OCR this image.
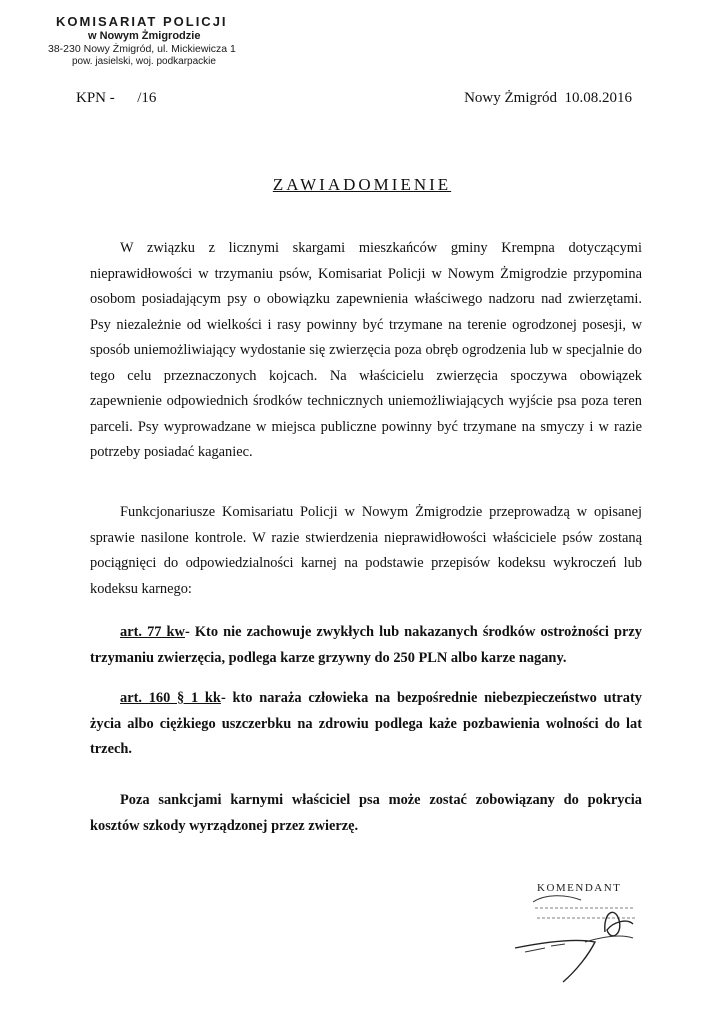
KOMISARIAT POLICJI
w Nowym Żmigrodzie
38-230 Nowy Żmigród, ul. Mickiewicza 1
pow. jasielski, woj. podkarpackie
KPN -      /16	Nowy Żmigród  10.08.2016
ZAWIADOMIENIE
W związku z licznymi skargami mieszkańców gminy Krempna dotyczącymi nieprawidłowości w trzymaniu psów, Komisariat Policji w Nowym Żmigrodzie przypomina osobom posiadającym psy o obowiązku zapewnienia właściwego nadzoru nad zwierzętami. Psy niezależnie od wielkości i rasy powinny być trzymane na terenie ogrodzonej posesji, w sposób uniemożliwiający wydostanie się zwierzęcia poza obręb ogrodzenia lub w specjalnie do tego celu przeznaczonych kojcach. Na właścicielu zwierzęcia spoczywa obowiązek zapewnienie odpowiednich środków technicznych uniemożliwiających wyjście psa poza teren parceli. Psy wyprowadzane w miejsca publiczne powinny być trzymane na smyczy i w razie potrzeby posiadać kaganiec.
Funkcjonariusze Komisariatu Policji w Nowym Żmigrodzie przeprowadzą w opisanej sprawie nasilone kontrole. W razie stwierdzenia nieprawidłowości właściciele psów zostaną pociągnięci do odpowiedzialności karnej na podstawie przepisów kodeksu wykroczeń lub kodeksu karnego:
art. 77 kw- Kto nie zachowuje zwykłych lub nakazanych środków ostrożności przy trzymaniu zwierzęcia, podlega karze grzywny do 250 PLN albo karze nagany.
art. 160 § 1 kk- kto naraża człowieka na bezpośrednie niebezpieczeństwo utraty życia albo ciężkiego uszczerbku na zdrowiu podlega każe pozbawienia wolności do lat trzech.
Poza sankcjami karnymi właściciel psa może zostać zobowiązany do pokrycia kosztów szkody wyrządzonej przez zwierzę.
KOMENDANT
